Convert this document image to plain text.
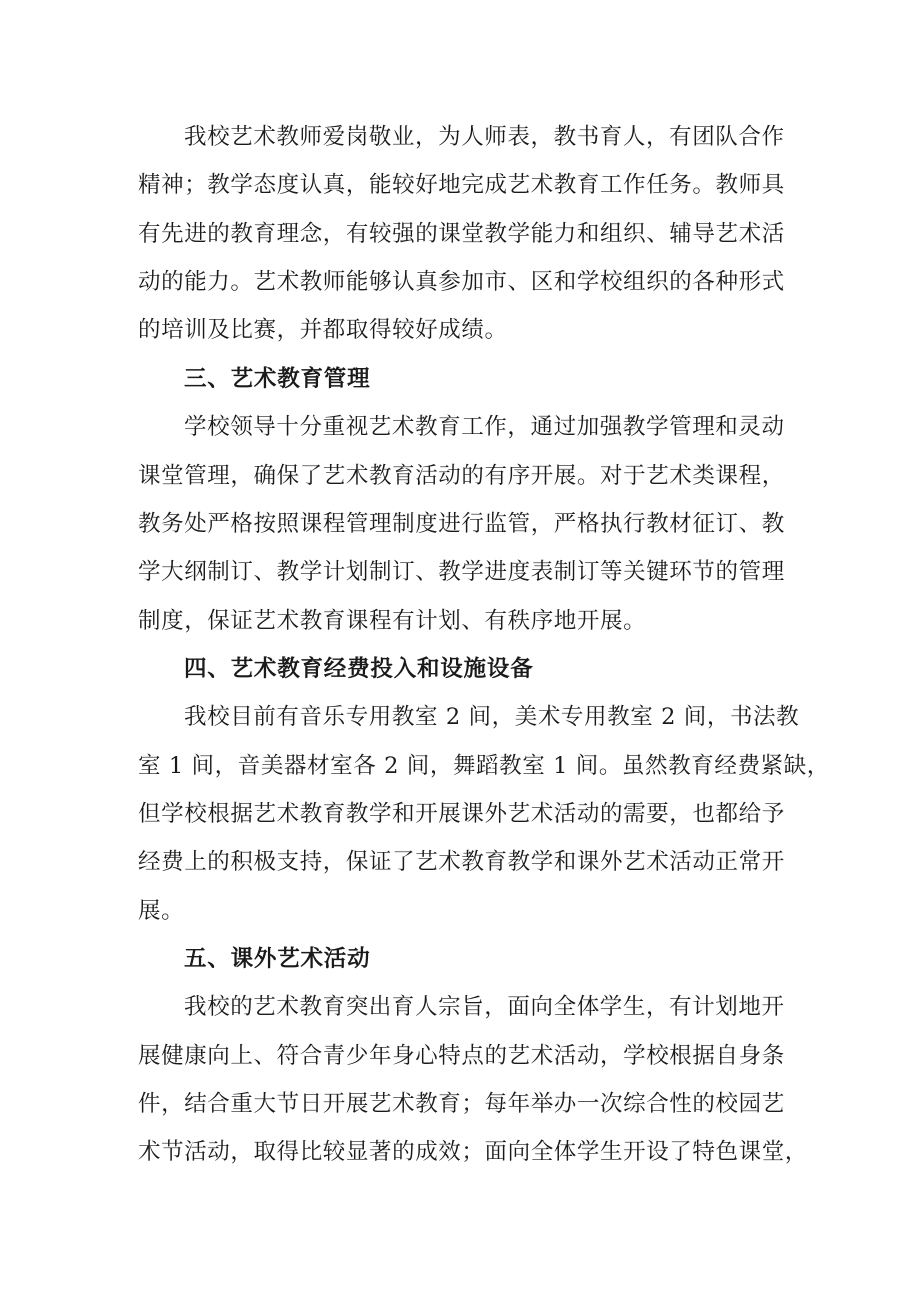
我校艺术教师爱岗敬业，为人师表，教书育人，有团队合作
精神；教学态度认真，能较好地完成艺术教育工作任务。教师具
有先进的教育理念，有较强的课堂教学能力和组织、辅导艺术活
动的能力。艺术教师能够认真参加市、区和学校组织的各种形式
的培训及比赛，并都取得较好成绩。
三、艺术教育管理
学校领导十分重视艺术教育工作，通过加强教学管理和灵动
课堂管理，确保了艺术教育活动的有序开展。对于艺术类课程，
教务处严格按照课程管理制度进行监管，严格执行教材征订、教
学大纲制订、教学计划制订、教学进度表制订等关键环节的管理
制度，保证艺术教育课程有计划、有秩序地开展。
四、艺术教育经费投入和设施设备
我校目前有音乐专用教室 2 间，美术专用教室 2 间，书法教
室 1 间，音美器材室各 2 间，舞蹈教室 1 间。虽然教育经费紧缺，
但学校根据艺术教育教学和开展课外艺术活动的需要，也都给予
经费上的积极支持，保证了艺术教育教学和课外艺术活动正常开
展。
五、课外艺术活动
我校的艺术教育突出育人宗旨，面向全体学生，有计划地开
展健康向上、符合青少年身心特点的艺术活动，学校根据自身条
件，结合重大节日开展艺术教育；每年举办一次综合性的校园艺
术节活动，取得比较显著的成效；面向全体学生开设了特色课堂，
